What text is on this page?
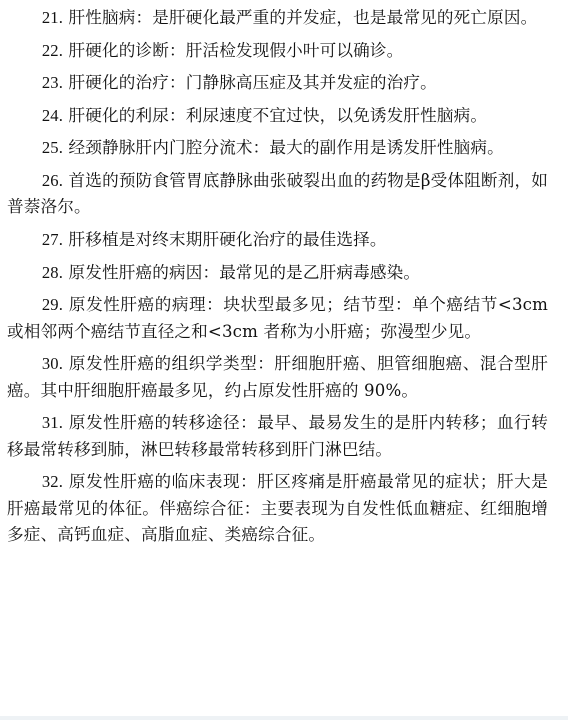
21. 肝性脑病：是肝硬化最严重的并发症，也是最常见的死亡原因。

22. 肝硬化的诊断：肝活检发现假小叶可以确诊。

23. 肝硬化的治疗：门静脉高压症及其并发症的治疗。

24. 肝硬化的利尿：利尿速度不宜过快，以免诱发肝性脑病。

25. 经颈静脉肝内门腔分流术：最大的副作用是诱发肝性脑病。

26. 首选的预防食管胃底静脉曲张破裂出血的药物是β受体阻断剂，如普萘洛尔。

27. 肝移植是对终末期肝硬化治疗的最佳选择。

28. 原发性肝癌的病因：最常见的是乙肝病毒感染。

29. 原发性肝癌的病理：块状型最多见；结节型：单个癌结节<3cm 或相邻两个癌结节直径之和<3cm 者称为小肝癌；弥漫型少见。

30. 原发性肝癌的组织学类型：肝细胞肝癌、胆管细胞癌、混合型肝癌。其中肝细胞肝癌最多见，约占原发性肝癌的 90%。

31. 原发性肝癌的转移途径：最早、最易发生的是肝内转移；血行转移最常转移到肺，淋巴转移最常转移到肝门淋巴结。

32. 原发性肝癌的临床表现：肝区疼痛是肝癌最常见的症状；肝大是肝癌最常见的体征。伴癌综合征：主要表现为自发性低血糖症、红细胞增多症、高钙血症、高脂血症、类癌综合征。
